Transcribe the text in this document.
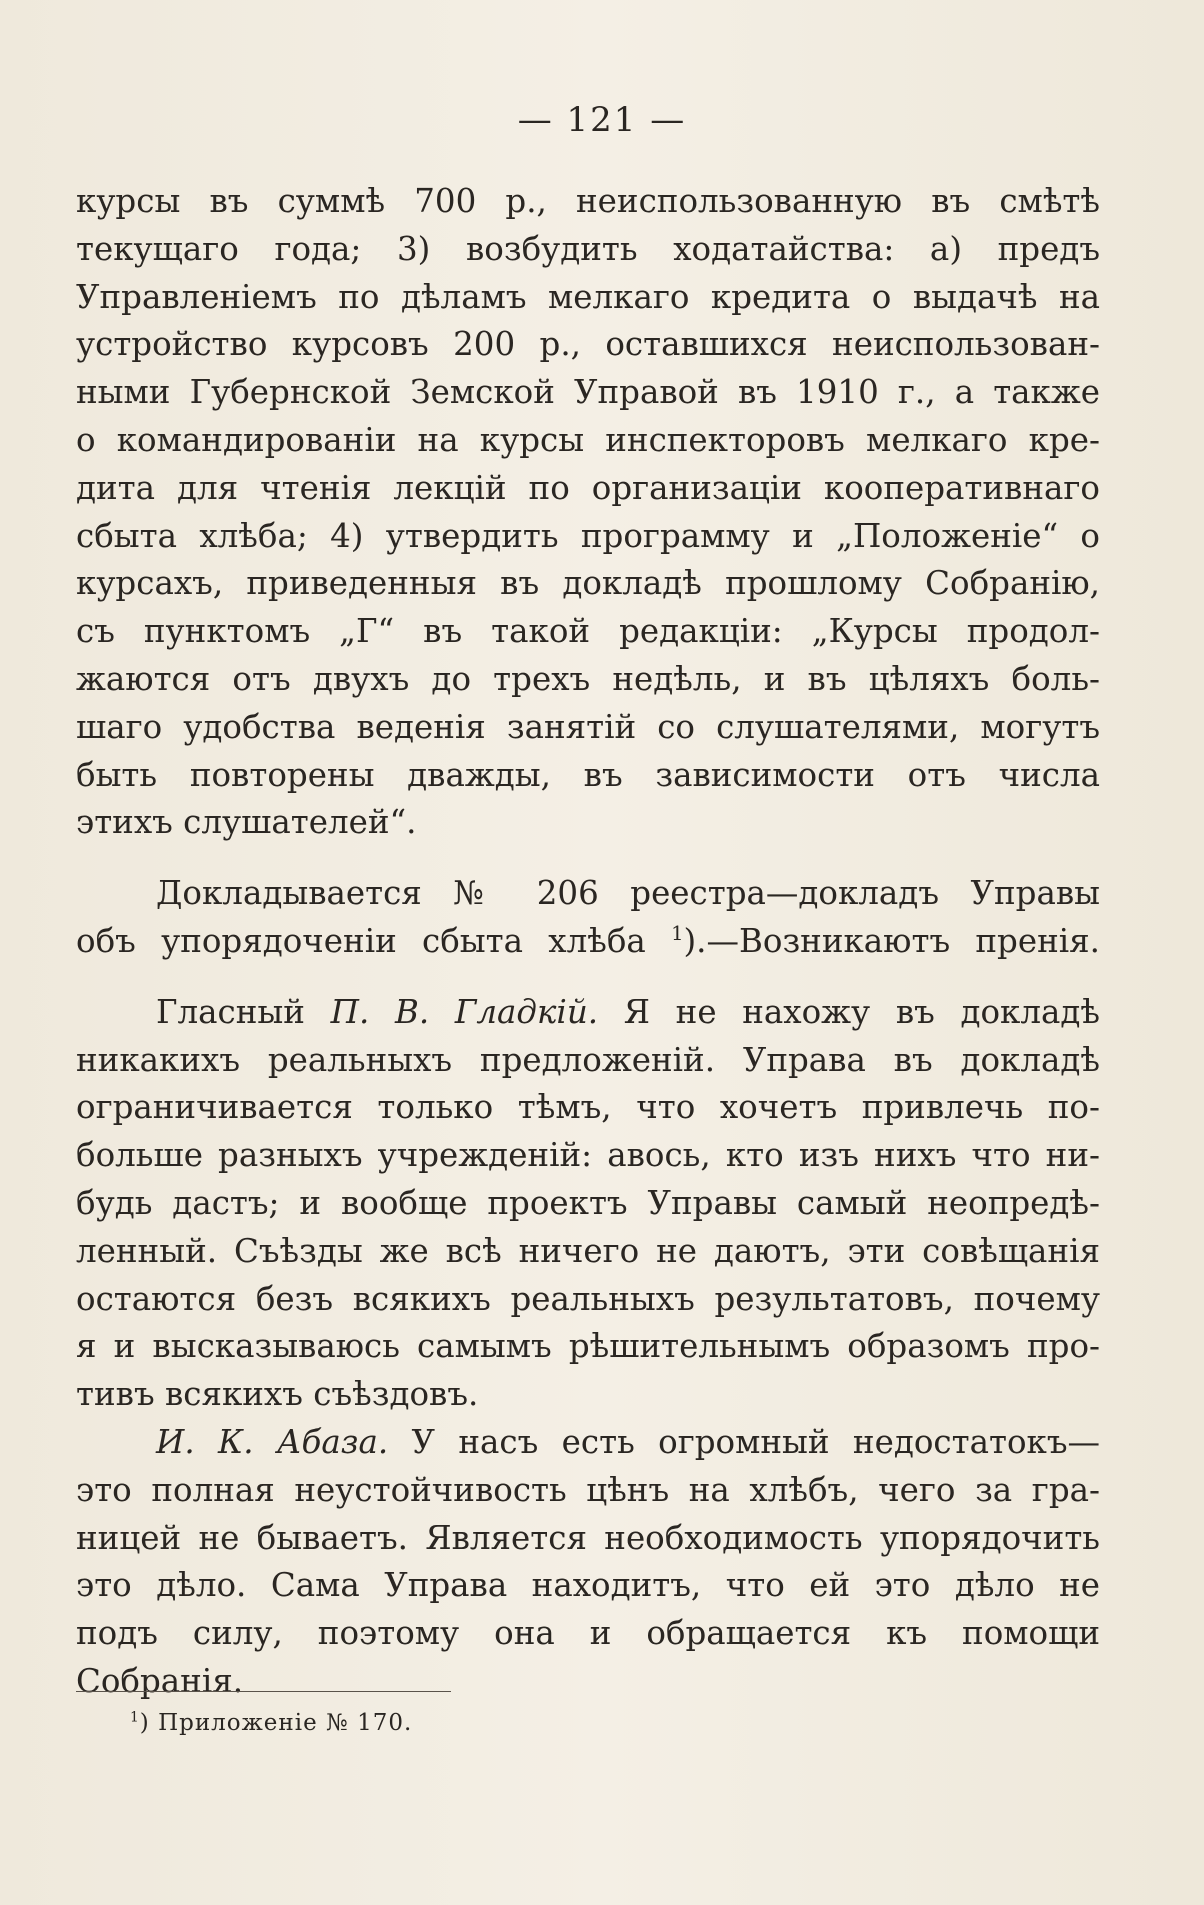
— 121 —

курсы въ суммѣ 700 р., неиспользованную въ смѣтѣ
текущаго года; 3) возбудить ходатайства: а) предъ
Управленіемъ по дѣламъ мелкаго кредита о выдачѣ на
устройство курсовъ 200 р., оставшихся неиспользован-
ными Губернской Земской Управой въ 1910 г., а также
о командированіи на курсы инспекторовъ мелкаго кре-
дита для чтенія лекцій по организаціи кооперативнаго
сбыта хлѣба; 4) утвердить программу и „Положеніе“ о
курсахъ, приведенныя въ докладѣ прошлому Собранію,
съ пунктомъ „Г“ въ такой редакціи: „Курсы продол-
жаются отъ двухъ до трехъ недѣль, и въ цѣляхъ боль-
шаго удобства веденія занятій со слушателями, могутъ
быть повторены дважды, въ зависимости отъ числа
этихъ слушателей“.

Докладывается № 206 реестра—докладъ Управы
объ упорядоченіи сбыта хлѣба $^1$).—Возникаютъ пренія.

Гласный П. В. Гладкій. Я не нахожу въ докладѣ
никакихъ реальныхъ предложеній. Управа въ докладѣ
ограничивается только тѣмъ, что хочетъ привлечь по-
больше разныхъ учрежденій: авось, кто изъ нихъ что ни-
будь дастъ; и вообще проектъ Управы самый неопредѣ-
ленный. Съѣзды же всѣ ничего не даютъ, эти совѣщанія
остаются безъ всякихъ реальныхъ результатовъ, почему
я и высказываюсь самымъ рѣшительнымъ образомъ про-
тивъ всякихъ съѣздовъ.

И. К. Абаза. У насъ есть огромный недостатокъ—
это полная неустойчивость цѣнъ на хлѣбъ, чего за гра-
ницей не бываетъ. Является необходимость упорядочить
это дѣло. Сама Управа находитъ, что ей это дѣло не
подъ силу, поэтому она и обращается къ помощи
Собранія.

$^1$) Приложеніе № 170.
